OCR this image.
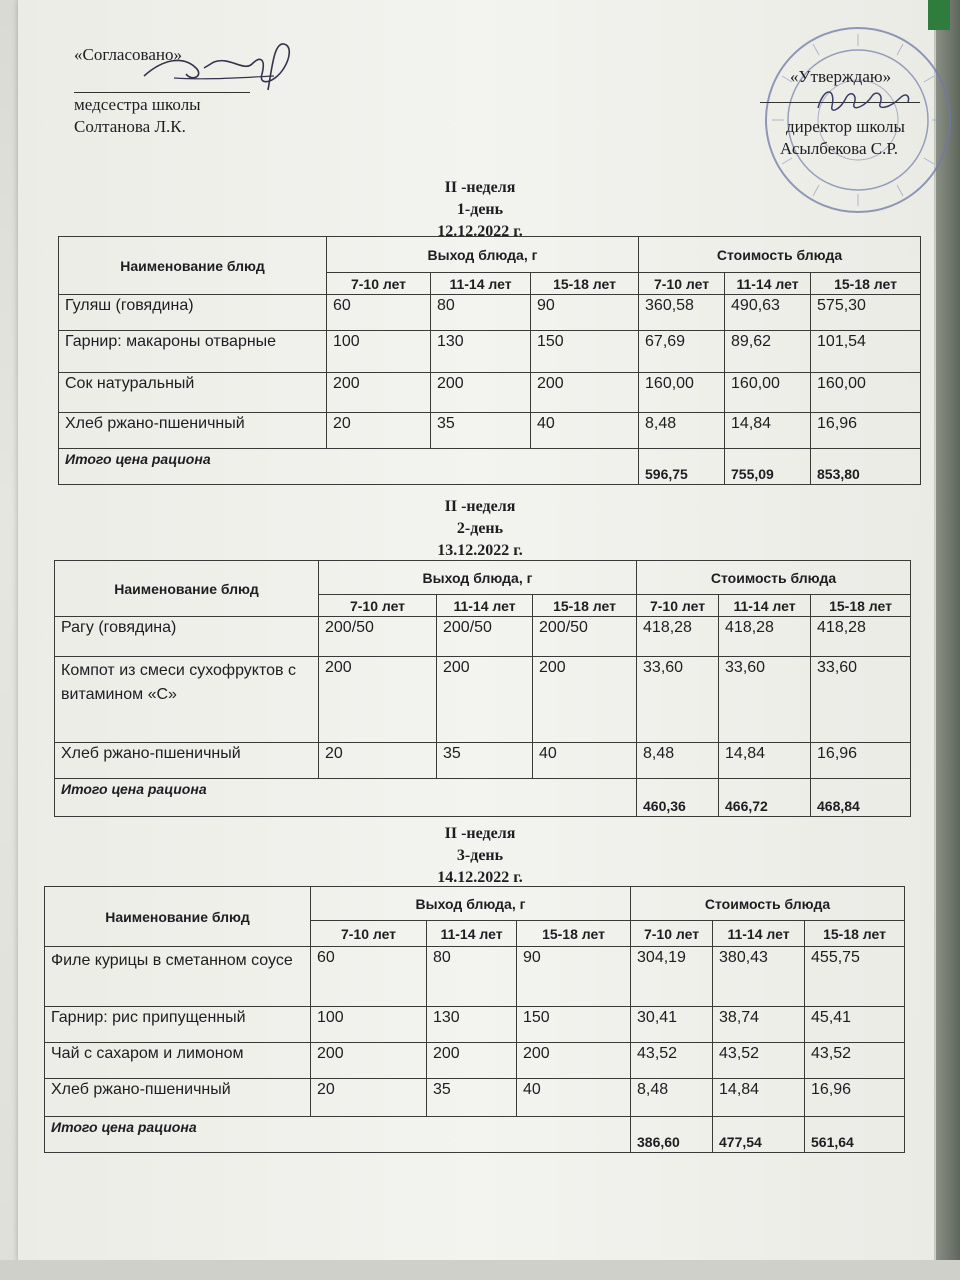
«Согласовано»
медсестра школы
Солтанова Л.К.
«Утверждаю»
директор школы
Асылбекова С.Р.
II -неделя
1-день
12.12.2022 г.
Наименование блюд	Выход блюда, г			Стоимость блюда		
	7-10 лет	11-14 лет	15-18 лет	7-10 лет	11-14 лет	15-18 лет
Гуляш (говядина)	60	80	90	360,58	490,63	575,30
Гарнир: макароны отварные	100	130	150	67,69	89,62	101,54
Сок натуральный	200	200	200	160,00	160,00	160,00
Хлеб ржано-пшеничный	20	35	40	8,48	14,84	16,96
Итого цена рациона				596,75	755,09	853,80
II -неделя
2-день
13.12.2022 г.
Наименование блюд	Выход блюда, г			Стоимость блюда		
	7-10 лет	11-14 лет	15-18 лет	7-10 лет	11-14 лет	15-18 лет
Рагу (говядина)	200/50	200/50	200/50	418,28	418,28	418,28
Компот из смеси сухофруктов с витамином «С»	200	200	200	33,60	33,60	33,60
Хлеб ржано-пшеничный	20	35	40	8,48	14,84	16,96
Итого цена рациона				460,36	466,72	468,84
II -неделя
3-день
14.12.2022 г.
Наименование блюд	Выход блюда, г			Стоимость блюда		
	7-10 лет	11-14 лет	15-18 лет	7-10 лет	11-14 лет	15-18 лет
Филе курицы в сметанном соусе	60	80	90	304,19	380,43	455,75
Гарнир: рис припущенный	100	130	150	30,41	38,74	45,41
Чай с сахаром и лимоном	200	200	200	43,52	43,52	43,52
Хлеб ржано-пшеничный	20	35	40	8,48	14,84	16,96
Итого цена рациона				386,60	477,54	561,64
